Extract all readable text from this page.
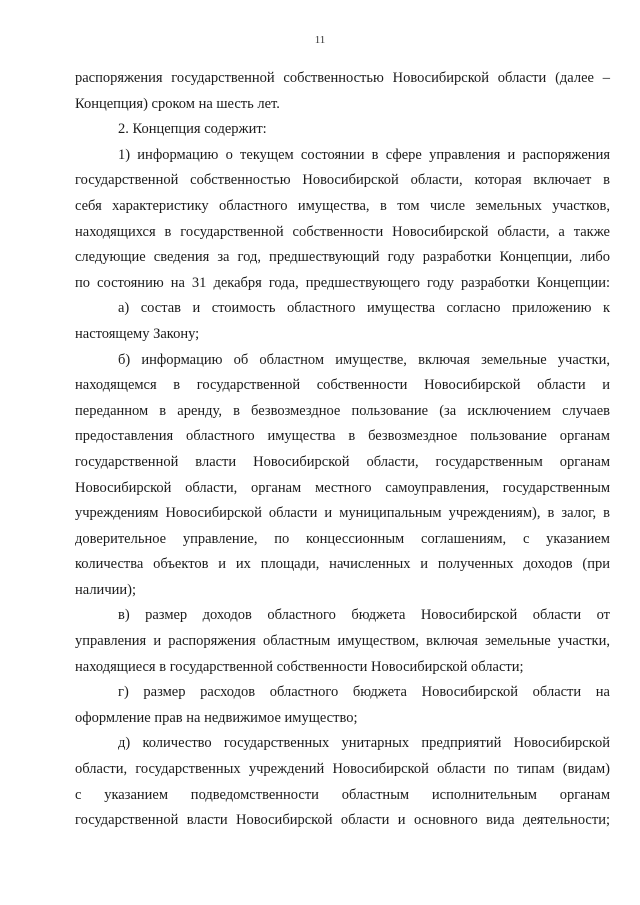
11
распоряжения государственной собственностью Новосибирской области (далее –
Концепция) сроком на шесть лет.
2. Концепция содержит:
1) информацию о текущем состоянии в сфере управления и распоряжения
государственной собственностью Новосибирской области, которая включает в
себя характеристику областного имущества, в том числе земельных участков,
находящихся в государственной собственности Новосибирской области, а также
следующие сведения за год, предшествующий году разработки Концепции, либо
по состоянию на 31 декабря года, предшествующего году разработки Концепции:
а) состав и стоимость областного имущества согласно приложению к
настоящему Закону;
б) информацию об областном имуществе, включая земельные участки,
находящемся в государственной собственности Новосибирской области и
переданном в аренду, в безвозмездное пользование (за исключением случаев
предоставления областного имущества в безвозмездное пользование органам
государственной власти Новосибирской области, государственным органам
Новосибирской области, органам местного самоуправления, государственным
учреждениям Новосибирской области и муниципальным учреждениям), в залог, в
доверительное управление, по концессионным соглашениям, с указанием
количества объектов и их площади, начисленных и полученных доходов (при
наличии);
в) размер доходов областного бюджета Новосибирской области от
управления и распоряжения областным имуществом, включая земельные участки,
находящиеся в государственной собственности Новосибирской области;
г) размер расходов областного бюджета Новосибирской области на
оформление прав на недвижимое имущество;
д) количество государственных унитарных предприятий Новосибирской
области, государственных учреждений Новосибирской области по типам (видам)
с указанием подведомственности областным исполнительным органам
государственной власти Новосибирской области и основного вида деятельности;
